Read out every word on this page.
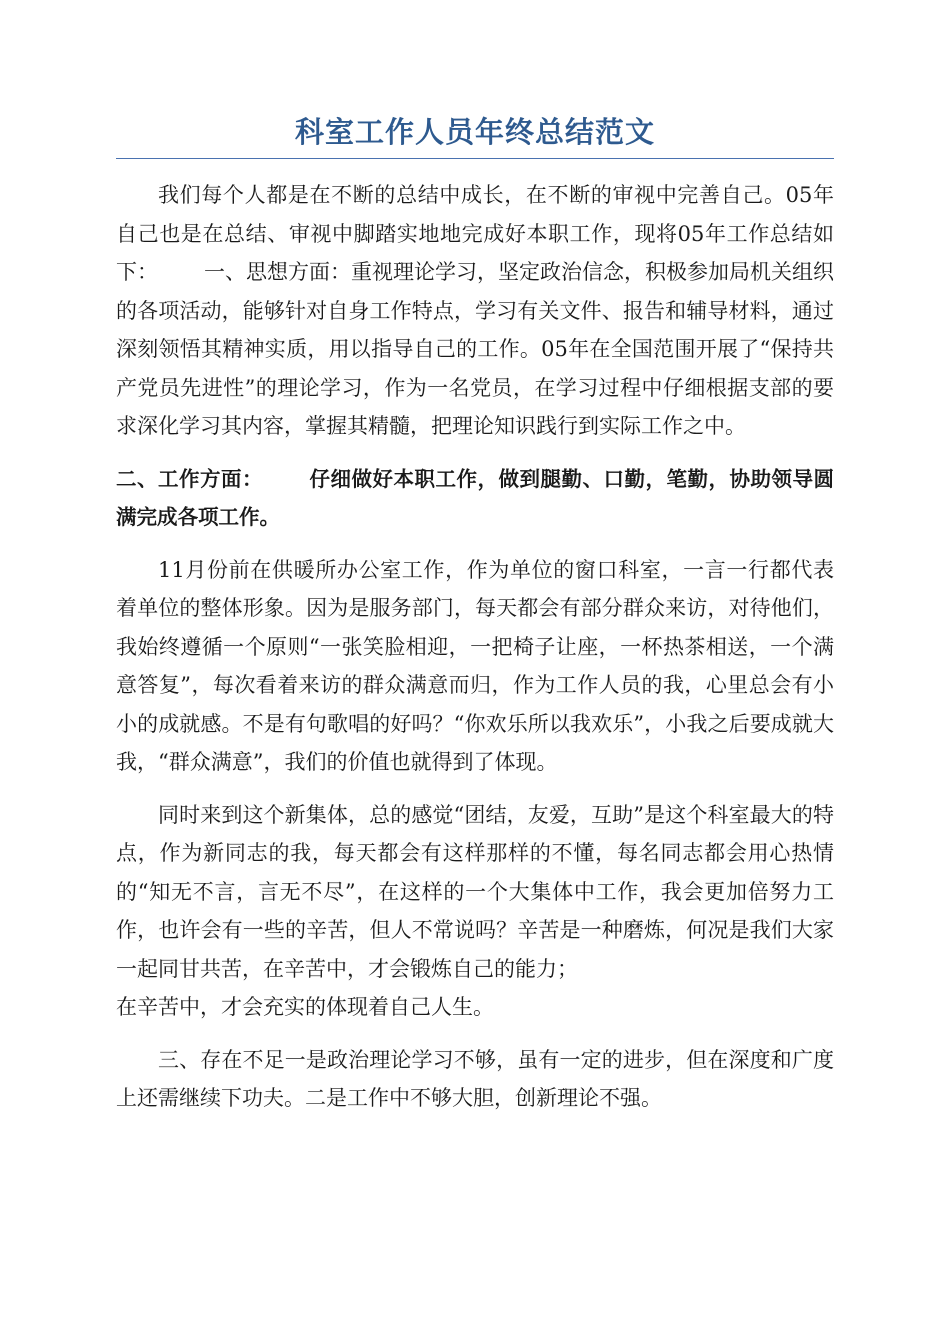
科室工作人员年终总结范文

我们每个人都是在不断的总结中成长，在不断的审视中完善自己。05年自己也是在总结、审视中脚踏实地地完成好本职工作，现将05年工作总结如下： 一、思想方面：重视理论学习，坚定政治信念，积极参加局机关组织的各项活动，能够针对自身工作特点，学习有关文件、报告和辅导材料，通过深刻领悟其精神实质，用以指导自己的工作。05年在全国范围开展了“保持共产党员先进性”的理论学习，作为一名党员，在学习过程中仔细根据支部的要求深化学习其内容，掌握其精髓，把理论知识践行到实际工作之中。

二、工作方面： 仔细做好本职工作，做到腿勤、口勤，笔勤，协助领导圆满完成各项工作。

11月份前在供暖所办公室工作，作为单位的窗口科室，一言一行都代表着单位的整体形象。因为是服务部门，每天都会有部分群众来访，对待他们，我始终遵循一个原则“一张笑脸相迎，一把椅子让座，一杯热茶相送，一个满意答复”，每次看着来访的群众满意而归，作为工作人员的我，心里总会有小小的成就感。不是有句歌唱的好吗？“你欢乐所以我欢乐”，小我之后要成就大我，“群众满意”，我们的价值也就得到了体现。

同时来到这个新集体，总的感觉“团结，友爱，互助”是这个科室最大的特点，作为新同志的我，每天都会有这样那样的不懂，每名同志都会用心热情的“知无不言，言无不尽”，在这样的一个大集体中工作，我会更加倍努力工作，也许会有一些的辛苦，但人不常说吗？辛苦是一种磨炼，何况是我们大家一起同甘共苦，在辛苦中，才会锻炼自己的能力；
在辛苦中，才会充实的体现着自己人生。

三、存在不足一是政治理论学习不够，虽有一定的进步，但在深度和广度上还需继续下功夫。二是工作中不够大胆，创新理论不强。
